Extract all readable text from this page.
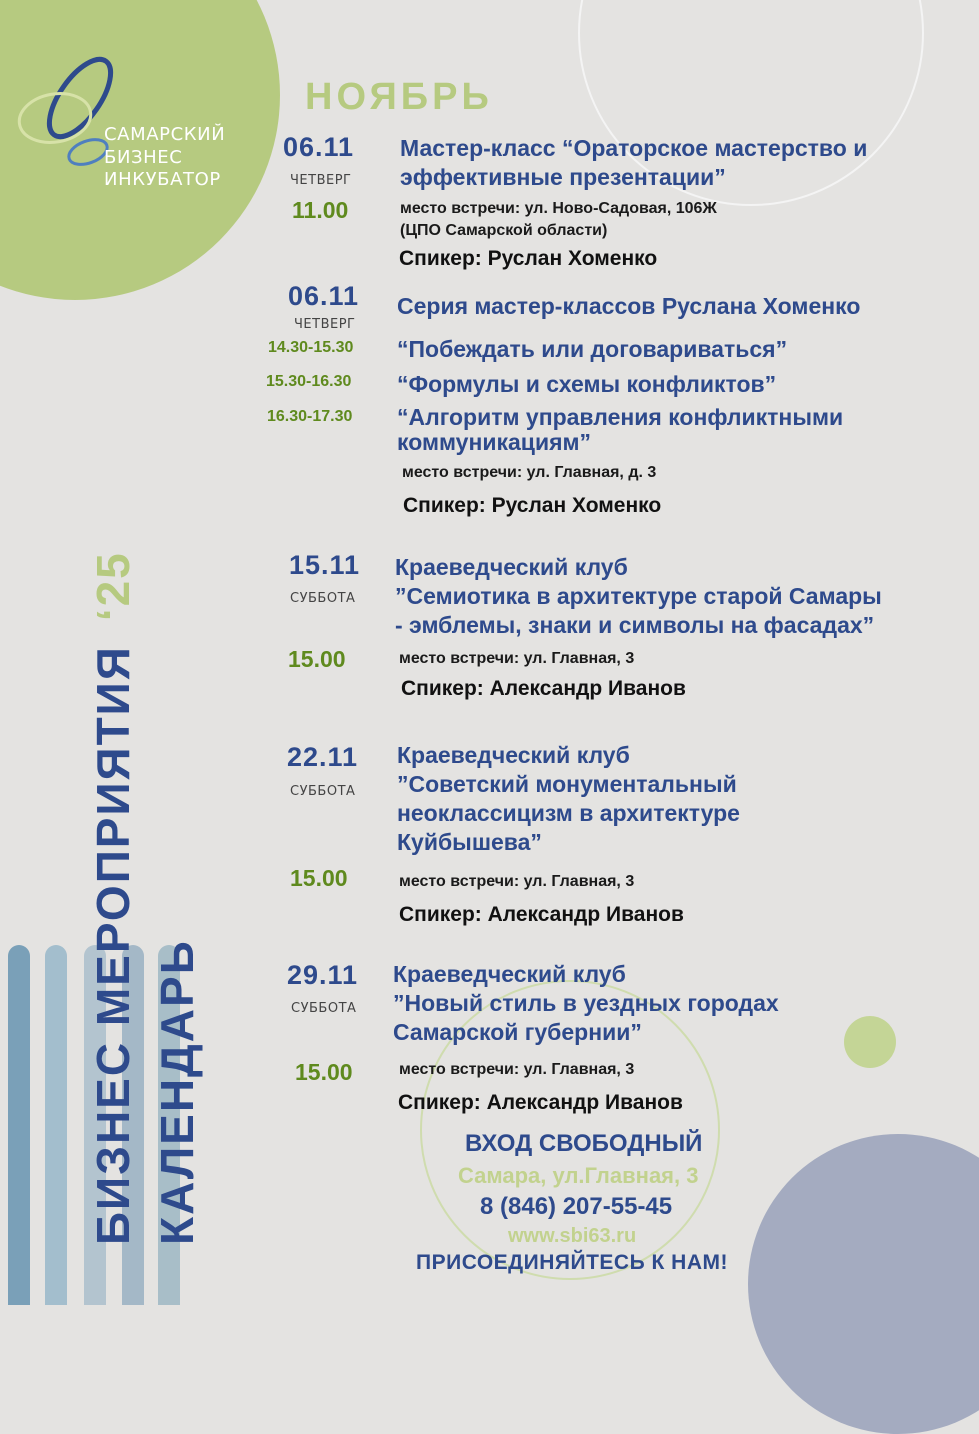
САМАРСКИЙ
БИЗНЕС
ИНКУБАТОР
БИЗНЕС МЕРОПРИЯТИЯ‘25
КАЛЕНДАРЬ
НОЯБРЬ
06.11
ЧЕТВЕРГ
11.00
Мастер-класс “Ораторское мастерство и
эффективные презентации”
место встречи: ул. Ново-Садовая, 106Ж
(ЦПО Самарской области)
Спикер: Руслан Хоменко
06.11
ЧЕТВЕРГ
Серия мастер-классов Руслана Хоменко
14.30-15.30 “Побеждать или договариваться”
15.30-16.30 “Формулы и схемы конфликтов”
16.30-17.30 “Алгоритм управления конфликтными
коммуникациям”
место встречи: ул. Главная, д. 3
Спикер: Руслан Хоменко
15.11
СУББОТА
15.00
Краеведческий клуб
”Семиотика в архитектуре старой Самары
- эмблемы, знаки и символы на фасадах”
место встречи: ул. Главная, 3
Спикер: Александр Иванов
22.11
СУББОТА
15.00
Краеведческий клуб
”Советский монументальный
неоклассицизм в архитектуре
Куйбышева”
место встречи: ул. Главная, 3
Спикер: Александр Иванов
29.11
СУББОТА
15.00
Краеведческий клуб
”Новый стиль в уездных городах
Самарской губернии”
место встречи: ул. Главная, 3
Спикер: Александр Иванов
ВХОД СВОБОДНЫЙ
Самара, ул.Главная, 3
8 (846) 207-55-45
www.sbi63.ru
ПРИСОЕДИНЯЙТЕСЬ К НАМ!
